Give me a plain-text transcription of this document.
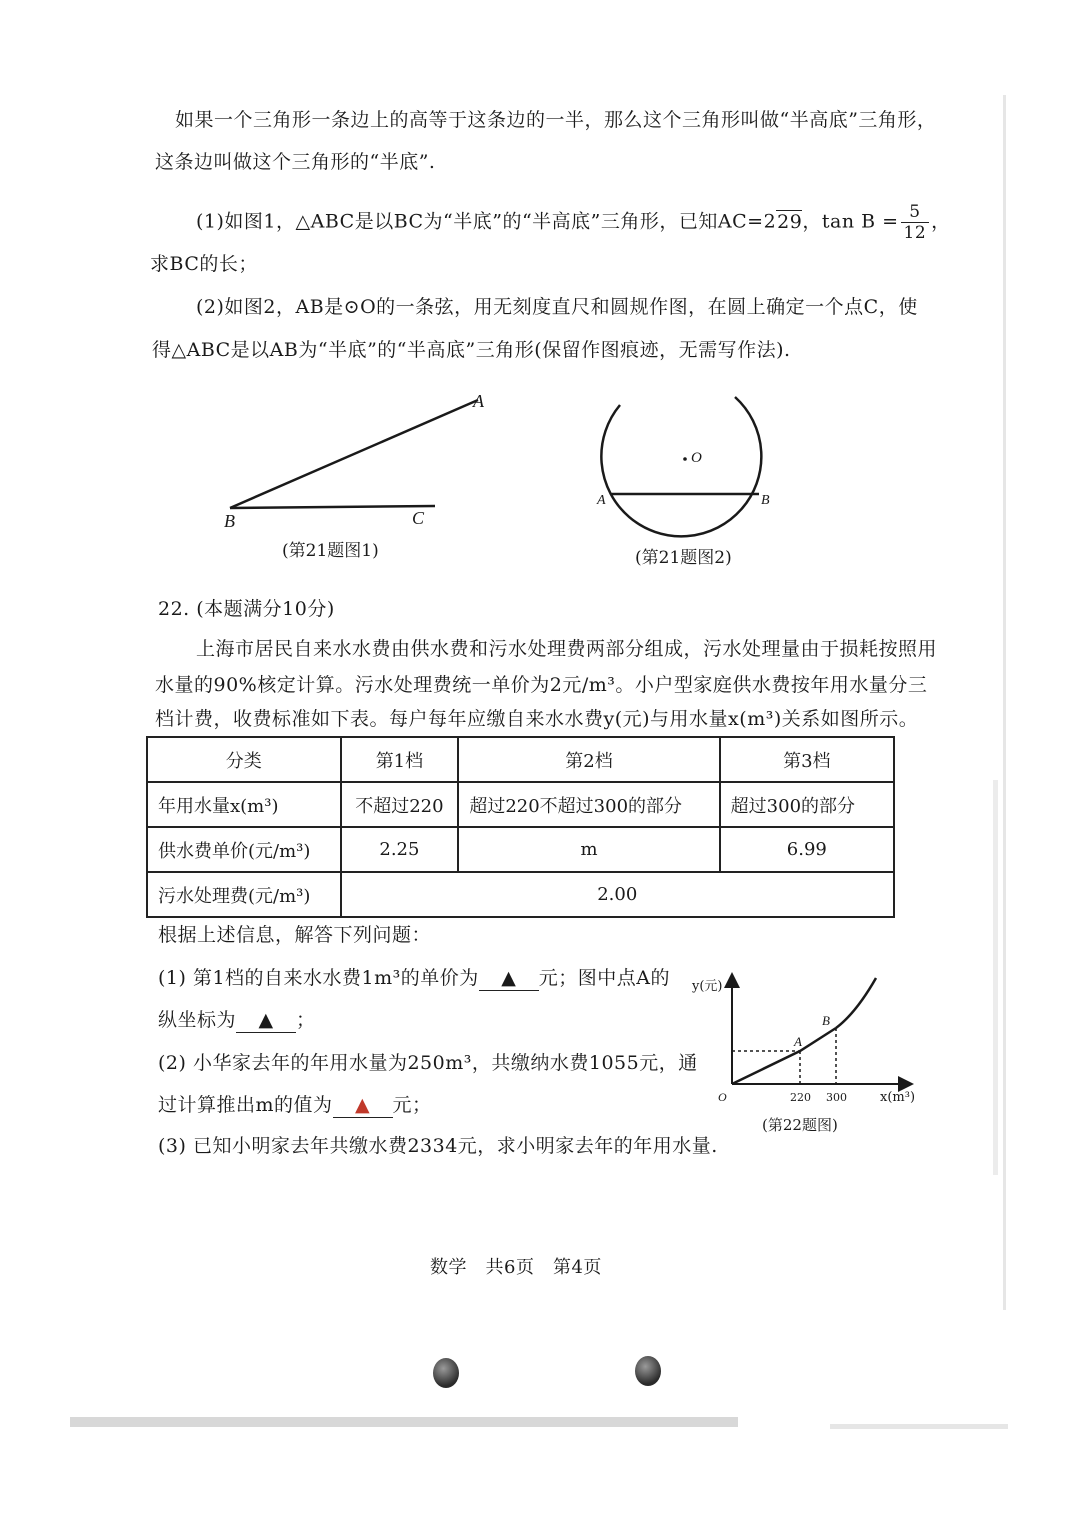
如果一个三角形一条边上的高等于这条边的一半，那么这个三角形叫做“半高底”三角形，
这条边叫做这个三角形的“半底”.
(1)如图1，△ABC是以BC为“半底”的“半高底”三角形，已知AC=229，$\tan B = \frac{5}{12}$ ，
求BC的长；
(2)如图2，AB是⊙O的一条弦，用无刻度直尺和圆规作图，在圆上确定一个点C，使
得△ABC是以AB为“半底”的“半高底”三角形(保留作图痕迹，无需写作法).
A
B	C
(第21题图1)
O
A	B
(第21题图2)
22. (本题满分10分)
上海市居民自来水水费由供水费和污水处理费两部分组成，污水处理量由于损耗按照用
水量的90%核定计算。污水处理费统一单价为2元/m³。小户型家庭供水费按年用水量分三
档计费，收费标准如下表。每户每年应缴自来水水费y(元)与用水量x(m³)关系如图所示。
分类	第1档	第2档	第3档
年用水量x(m³)	不超过220	超过220不超过300的部分	超过300的部分
供水费单价(元/m³)	2.25	m	6.99
污水处理费(元/m³)	2.00		
根据上述信息，解答下列问题：
(1) 第1档的自来水水费1m³的单价为 ▲ 元；图中点A的
纵坐标为 ▲ ；
(2) 小华家去年的年用水量为250m³，共缴纳水费1055元，通
过计算推出m的值为 ▲ 元；
(3) 已知小明家去年共缴水费2334元，求小明家去年的年用水量.
y(元)
x(m³)
O	220 300
A
B
(第22题图)
数学　共6页　第4页
